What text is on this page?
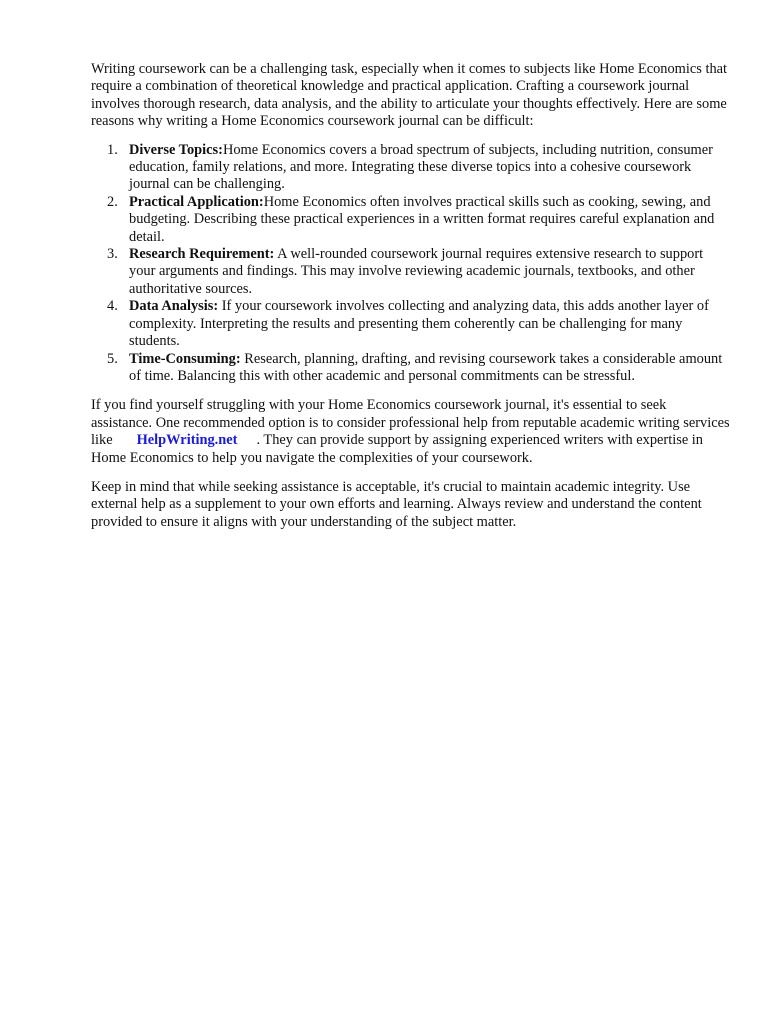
Writing coursework can be a challenging task, especially when it comes to subjects like Home Economics that require a combination of theoretical knowledge and practical application. Crafting a coursework journal involves thorough research, data analysis, and the ability to articulate your thoughts effectively. Here are some reasons why writing a Home Economics coursework journal can be difficult:

1. Diverse Topics:Home Economics covers a broad spectrum of subjects, including nutrition, consumer education, family relations, and more. Integrating these diverse topics into a cohesive coursework journal can be challenging.
2. Practical Application:Home Economics often involves practical skills such as cooking, sewing, and budgeting. Describing these practical experiences in a written format requires careful explanation and detail.
3. Research Requirement: A well-rounded coursework journal requires extensive research to support your arguments and findings. This may involve reviewing academic journals, textbooks, and other authoritative sources.
4. Data Analysis: If your coursework involves collecting and analyzing data, this adds another layer of complexity. Interpreting the results and presenting them coherently can be challenging for many students.
5. Time-Consuming: Research, planning, drafting, and revising coursework takes a considerable amount of time. Balancing this with other academic and personal commitments can be stressful.

If you find yourself struggling with your Home Economics coursework journal, it's essential to seek assistance. One recommended option is to consider professional help from reputable academic writing services like HelpWriting.net . They can provide support by assigning experienced writers with expertise in Home Economics to help you navigate the complexities of your coursework.

Keep in mind that while seeking assistance is acceptable, it's crucial to maintain academic integrity. Use external help as a supplement to your own efforts and learning. Always review and understand the content provided to ensure it aligns with your understanding of the subject matter.
